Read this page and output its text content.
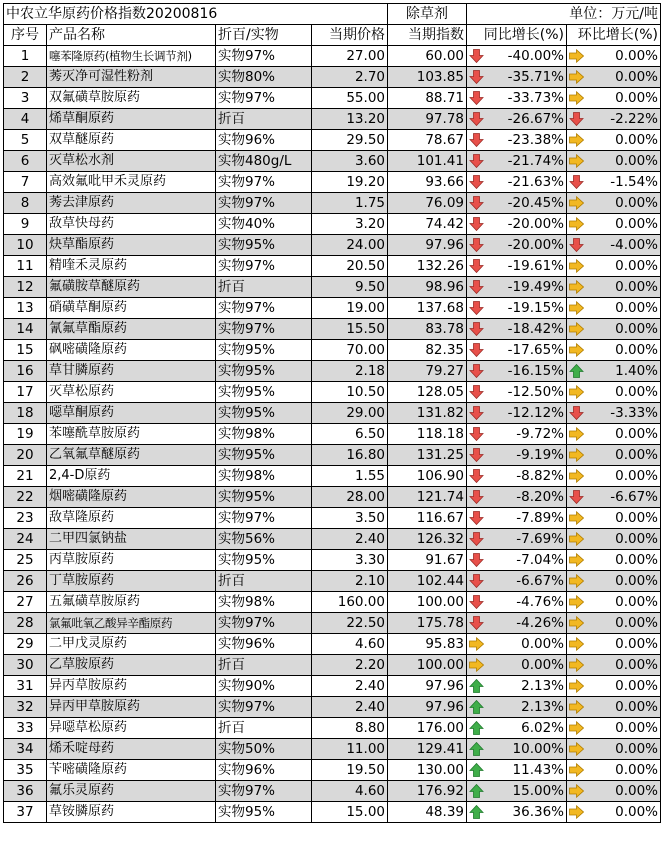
中农立华原药价格指数20200816				除草剂	单位：万元/吨	
序号	产品名称	折百/实物	当期价格	当期指数	同比增长(%)	环比增长(%)
1	噻苯隆原药(植物生长调节剂)	实物97%	27.00	60.00	-40.00%	0.00%
2	莠灭净可湿性粉剂	实物80%	2.70	103.85	-35.71%	0.00%
3	双氟磺草胺原药	实物97%	55.00	88.71	-33.73%	0.00%
4	烯草酮原药	折百	13.20	97.78	-26.67%	-2.22%
5	双草醚原药	实物96%	29.50	78.67	-23.38%	0.00%
6	灭草松水剂	实物480g/L	3.60	101.41	-21.74%	0.00%
7	高效氟吡甲禾灵原药	实物97%	19.20	93.66	-21.63%	-1.54%
8	莠去津原药	实物97%	1.75	76.09	-20.45%	0.00%
9	敌草快母药	实物40%	3.20	74.42	-20.00%	0.00%
10	炔草酯原药	实物95%	24.00	97.96	-20.00%	-4.00%
11	精喹禾灵原药	实物97%	20.50	132.26	-19.61%	0.00%
12	氟磺胺草醚原药	折百	9.50	98.96	-19.49%	0.00%
13	硝磺草酮原药	实物97%	19.00	137.68	-19.15%	0.00%
14	氰氟草酯原药	实物97%	15.50	83.78	-18.42%	0.00%
15	砜嘧磺隆原药	实物95%	70.00	82.35	-17.65%	0.00%
16	草甘膦原药	实物95%	2.18	79.27	-16.15%	1.40%
17	灭草松原药	实物95%	10.50	128.05	-12.50%	0.00%
18	噁草酮原药	实物95%	29.00	131.82	-12.12%	-3.33%
19	苯噻酰草胺原药	实物98%	6.50	118.18	-9.72%	0.00%
20	乙氧氟草醚原药	实物95%	16.80	131.25	-9.19%	0.00%
21	2,4-D原药	实物98%	1.55	106.90	-8.82%	0.00%
22	烟嘧磺隆原药	实物95%	28.00	121.74	-8.20%	-6.67%
23	敌草隆原药	实物97%	3.50	116.67	-7.89%	0.00%
24	二甲四氯钠盐	实物56%	2.40	126.32	-7.69%	0.00%
25	丙草胺原药	实物95%	3.30	91.67	-7.04%	0.00%
26	丁草胺原药	折百	2.10	102.44	-6.67%	0.00%
27	五氟磺草胺原药	实物98%	160.00	100.00	-4.76%	0.00%
28	氯氟吡氧乙酸异辛酯原药	实物97%	22.50	175.78	-4.26%	0.00%
29	二甲戊灵原药	实物96%	4.60	95.83	0.00%	0.00%
30	乙草胺原药	折百	2.20	100.00	0.00%	0.00%
31	异丙草胺原药	实物90%	2.40	97.96	2.13%	0.00%
32	异丙甲草胺原药	实物97%	2.40	97.96	2.13%	0.00%
33	异噁草松原药	折百	8.80	176.00	6.02%	0.00%
34	烯禾啶母药	实物50%	11.00	129.41	10.00%	0.00%
35	苄嘧磺隆原药	实物96%	19.50	130.00	11.43%	0.00%
36	氟乐灵原药	实物97%	4.60	176.92	15.00%	0.00%
37	草铵膦原药	实物95%	15.00	48.39	36.36%	0.00%
